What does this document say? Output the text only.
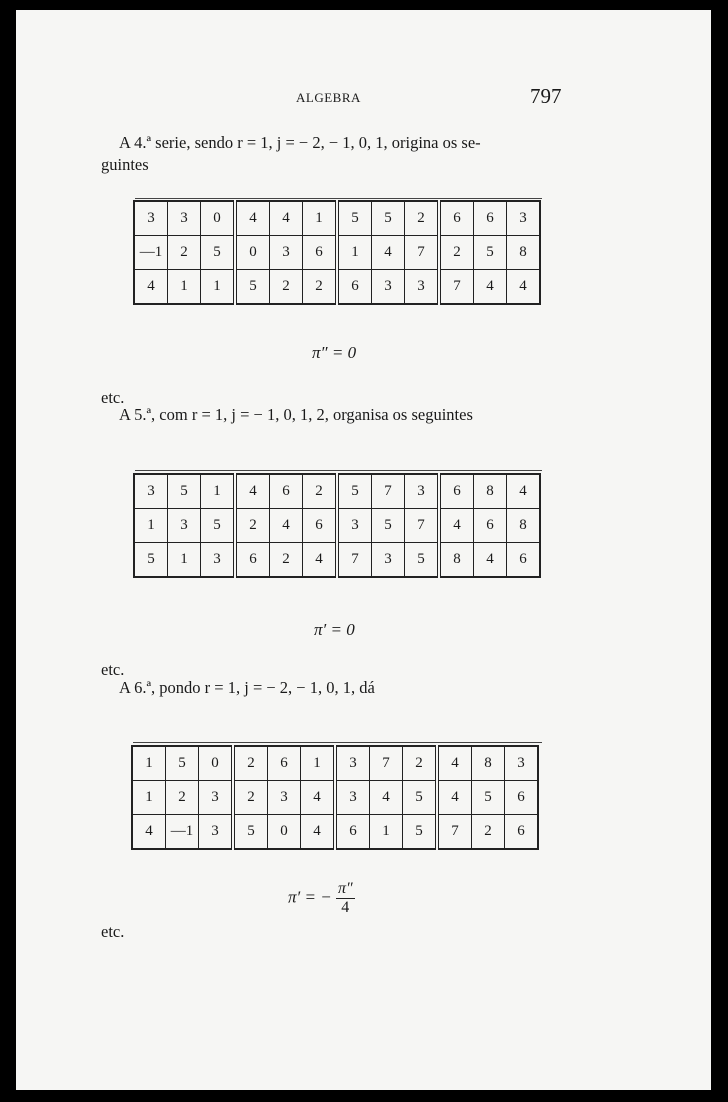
ALGEBRA	797
A 4.ª serie, sendo r = 1, j = − 2, − 1, 0, 1, origina os se-
guintes
3	3	0	4	4	1	5	5	2	6	6	3
—1	2	5	0	3	6	1	4	7	2	5	8
4	1	1	5	2	2	6	3	3	7	4	4
π″ = 0
etc.
A 5.ª, com r = 1, j = − 1, 0, 1, 2, organisa os seguintes
3	5	1	4	6	2	5	7	3	6	8	4
1	3	5	2	4	6	3	5	7	4	6	8
5	1	3	6	2	4	7	3	5	8	4	6
π′ = 0
etc.
A 6.ª, pondo r = 1, j = − 2, − 1, 0, 1, dá
1	5	0	2	6	1	3	7	2	4	8	3
1	2	3	2	3	4	3	4	5	4	5	6
4	—1	3	5	0	4	6	1	5	7	2	6
π′ = − $\frac{\pi''}{4}$
etc.
